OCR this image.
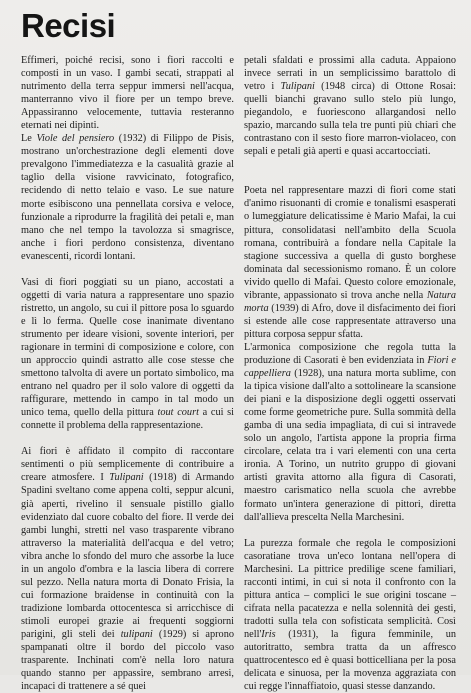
Recisi

Effimeri, poiché recisi, sono i fiori raccolti e composti in un vaso. I gambi secati, strappati al nutrimento della terra seppur immersi nell'acqua, manterranno vivo il fiore per un tempo breve. Appassiranno velocemente, tuttavia resteranno eternati nei dipinti.

Le Viole del pensiero (1932) di Filippo de Pisis, mostrano un'orchestrazione degli elementi dove prevalgono l'immediatezza e la casualità grazie al taglio della visione ravvicinato, fotografico, recidendo di netto telaio e vaso. Le sue nature morte esibiscono una pennellata corsiva e veloce, funzionale a riprodurre la fragilità dei petali e, man mano che nel tempo la tavolozza si smagrisce, anche i fiori perdono consistenza, diventano evanescenti, ricordi lontani.

Vasi di fiori poggiati su un piano, accostati a oggetti di varia natura a rappresentare uno spazio ristretto, un angolo, su cui il pittore posa lo sguardo e lì lo ferma. Quelle cose inanimate diventano strumento per ideare visioni, sovente interiori, per ragionare in termini di composizione e colore, con un approccio quindi astratto alle cose stesse che smettono talvolta di avere un portato simbolico, ma entrano nel quadro per il solo valore di oggetti da raffigurare, mettendo in campo in tal modo un unico tema, quello della pittura tout court a cui si connette il problema della rappresentazione.

Ai fiori è affidato il compito di raccontare sentimenti o più semplicemente di contribuire a creare atmosfere. I Tulipani (1918) di Armando Spadini sveltano come appena colti, seppur alcuni, già aperti, rivelino il sensuale pistillo giallo evidenziato dal cuore cobalto del fiore. Il verde dei gambi lunghi, stretti nel vaso trasparente vibrano attraverso la materialità dell'acqua e del vetro; vibra anche lo sfondo del muro che assorbe la luce in un angolo d'ombra e la lascia libera di correre sul pezzo. Nella natura morta di Donato Frisia, la cui formazione braidense in continuità con la tradizione lombarda ottocentesca si arricchisce di stimoli europei grazie ai frequenti soggiorni parigini, gli steli dei tulipani (1929) si aprono spampanati oltre il bordo del piccolo vaso trasparente. Inchinati com'è nella loro natura quando stanno per appassire, sembrano arresi, incapaci di trattenere a sé quei

petali sfaldati e prossimi alla caduta. Appaiono invece serrati in un semplicissimo barattolo di vetro i Tulipani (1948 circa) di Ottone Rosai: quelli bianchi gravano sullo stelo più lungo, piegandolo, e fuoriescono allargandosi nello spazio, marcando sulla tela tre punti più chiari che contrastano con il sesto fiore marron-violaceo, con sepali e petali già aperti e quasi accartocciati.

Poeta nel rappresentare mazzi di fiori come stati d'animo risuonanti di cromie e tonalismi esasperati o lumeggiature delicatissime è Mario Mafai, la cui pittura, consolidatasi nell'ambito della Scuola romana, contribuirà a fondare nella Capitale la stagione successiva a quella di gusto borghese dominata dal secessionismo romano. È un colore vivido quello di Mafai. Questo colore emozionale, vibrante, appassionato si trova anche nella Natura morta (1939) di Afro, dove il disfacimento dei fiori si estende alle cose rappresentate attraverso una pittura corposa seppur sfatta.

L'armonica composizione che regola tutta la produzione di Casorati è ben evidenziata in Fiori e cappelliera (1928), una natura morta sublime, con la tipica visione dall'alto a sottolineare la scansione dei piani e la disposizione degli oggetti osservati come forme geometriche pure. Sulla sommità della gamba di una sedia impagliata, di cui si intravede solo un angolo, l'artista appone la propria firma circolare, celata tra i vari elementi con una certa ironia. A Torino, un nutrito gruppo di giovani artisti gravita attorno alla figura di Casorati, maestro carismatico nella scuola che avrebbe formato un'intera generazione di pittori, diretta dall'allieva prescelta Nella Marchesini.

La purezza formale che regola le composizioni casoratiane trova un'eco lontana nell'opera di Marchesini. La pittrice predilige scene familiari, racconti intimi, in cui si nota il confronto con la pittura antica – complici le sue origini toscane – cifrata nella pacatezza e nella solennità dei gesti, tradotti sulla tela con sofisticata semplicità. Così nell'Iris (1931), la figura femminile, un autoritratto, sembra tratta da un affresco quattrocentesco ed è quasi botticelliana per la posa delicata e sinuosa, per la movenza aggraziata con cui regge l'innaffiatoio, quasi stesse danzando.
